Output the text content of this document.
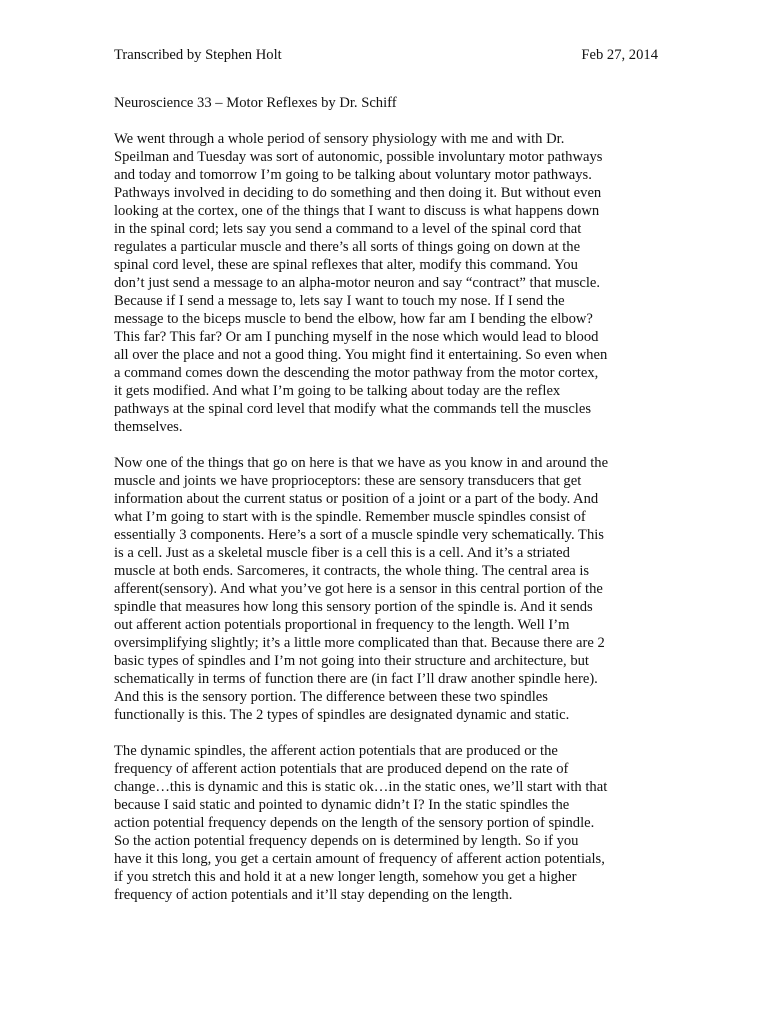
Transcribed by Stephen Holt	Feb 27, 2014
Neuroscience 33 – Motor Reflexes by Dr. Schiff
We went through a whole period of sensory physiology with me and with Dr.
Speilman and Tuesday was sort of autonomic, possible involuntary motor pathways
and today and tomorrow I’m going to be talking about voluntary motor pathways.
Pathways involved in deciding to do something and then doing it. But without even
looking at the cortex, one of the things that I want to discuss is what happens down
in the spinal cord; lets say you send a command to a level of the spinal cord that
regulates a particular muscle and there’s all sorts of things going on down at the
spinal cord level, these are spinal reflexes that alter, modify this command. You
don’t just send a message to an alpha-motor neuron and say “contract” that muscle.
Because if I send a message to, lets say I want to touch my nose. If I send the
message to the biceps muscle to bend the elbow, how far am I bending the elbow?
This far? This far? Or am I punching myself in the nose which would lead to blood
all over the place and not a good thing. You might find it entertaining. So even when
a command comes down the descending the motor pathway from the motor cortex,
it gets modified. And what I’m going to be talking about today are the reflex
pathways at the spinal cord level that modify what the commands tell the muscles
themselves.
Now one of the things that go on here is that we have as you know in and around the
muscle and joints we have proprioceptors: these are sensory transducers that get
information about the current status or position of a joint or a part of the body. And
what I’m going to start with is the spindle. Remember muscle spindles consist of
essentially 3 components. Here’s a sort of a muscle spindle very schematically. This
is a cell. Just as a skeletal muscle fiber is a cell this is a cell. And it’s a striated
muscle at both ends. Sarcomeres, it contracts, the whole thing. The central area is
afferent(sensory). And what you’ve got here is a sensor in this central portion of the
spindle that measures how long this sensory portion of the spindle is. And it sends
out afferent action potentials proportional in frequency to the length. Well I’m
oversimplifying slightly; it’s a little more complicated than that. Because there are 2
basic types of spindles and I’m not going into their structure and architecture, but
schematically in terms of function there are (in fact I’ll draw another spindle here).
And this is the sensory portion. The difference between these two spindles
functionally is this. The 2 types of spindles are designated dynamic and static.
The dynamic spindles, the afferent action potentials that are produced or the
frequency of afferent action potentials that are produced depend on the rate of
change…this is dynamic and this is static ok…in the static ones, we’ll start with that
because I said static and pointed to dynamic didn’t I? In the static spindles the
action potential frequency depends on the length of the sensory portion of spindle.
So the action potential frequency depends on is determined by length. So if you
have it this long, you get a certain amount of frequency of afferent action potentials,
if you stretch this and hold it at a new longer length, somehow you get a higher
frequency of action potentials and it’ll stay depending on the length.
